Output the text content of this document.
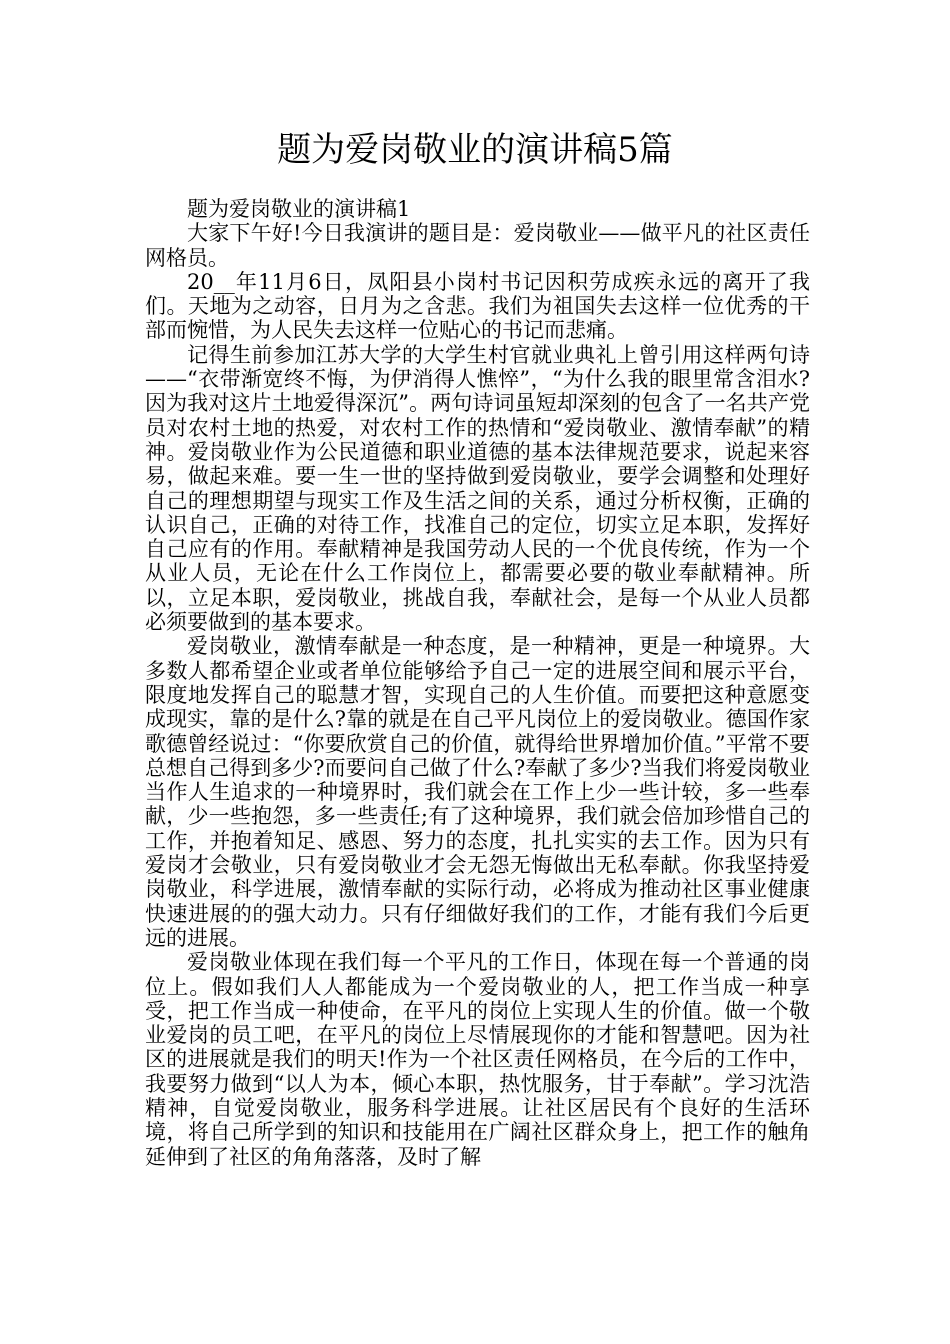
题为爱岗敬业的演讲稿5篇

题为爱岗敬业的演讲稿1

大家下午好!今日我演讲的题目是：爱岗敬业——做平凡的社区责任网格员。

20__年11月6日，凤阳县小岗村书记因积劳成疾永远的离开了我们。天地为之动容，日月为之含悲。我们为祖国失去这样一位优秀的干部而惋惜，为人民失去这样一位贴心的书记而悲痛。

记得生前参加江苏大学的大学生村官就业典礼上曾引用这样两句诗——“衣带渐宽终不悔，为伊消得人憔悴”，“为什么我的眼里常含泪水?因为我对这片土地爱得深沉”。两句诗词虽短却深刻的包含了一名共产党员对农村土地的热爱，对农村工作的热情和“爱岗敬业、激情奉献”的精神。爱岗敬业作为公民道德和职业道德的基本法律规范要求，说起来容易，做起来难。要一生一世的坚持做到爱岗敬业，要学会调整和处理好自己的理想期望与现实工作及生活之间的关系，通过分析权衡，正确的认识自己，正确的对待工作，找准自己的定位，切实立足本职，发挥好自己应有的作用。奉献精神是我国劳动人民的一个优良传统，作为一个从业人员，无论在什么工作岗位上，都需要必要的敬业奉献精神。所以，立足本职，爱岗敬业，挑战自我，奉献社会，是每一个从业人员都必须要做到的基本要求。

爱岗敬业，激情奉献是一种态度，是一种精神，更是一种境界。大多数人都希望企业或者单位能够给予自己一定的进展空间和展示平台，限度地发挥自己的聪慧才智，实现自己的人生价值。而要把这种意愿变成现实，靠的是什么?靠的就是在自己平凡岗位上的爱岗敬业。德国作家歌德曾经说过：“你要欣赏自己的价值，就得给世界增加价值。”平常不要总想自己得到多少?而要问自己做了什么?奉献了多少?当我们将爱岗敬业当作人生追求的一种境界时，我们就会在工作上少一些计较，多一些奉献，少一些抱怨，多一些责任;有了这种境界，我们就会倍加珍惜自己的工作，并抱着知足、感恩、努力的态度，扎扎实实的去工作。因为只有爱岗才会敬业，只有爱岗敬业才会无怨无悔做出无私奉献。你我坚持爱岗敬业，科学进展，激情奉献的实际行动，必将成为推动社区事业健康快速进展的的强大动力。只有仔细做好我们的工作，才能有我们今后更远的进展。

爱岗敬业体现在我们每一个平凡的工作日，体现在每一个普通的岗位上。假如我们人人都能成为一个爱岗敬业的人，把工作当成一种享受，把工作当成一种使命，在平凡的岗位上实现人生的价值。做一个敬业爱岗的员工吧，在平凡的岗位上尽情展现你的才能和智慧吧。因为社区的进展就是我们的明天!作为一个社区责任网格员，在今后的工作中，我要努力做到“以人为本，倾心本职，热忱服务，甘于奉献”。学习沈浩精神，自觉爱岗敬业，服务科学进展。让社区居民有个良好的生活环境，将自己所学到的知识和技能用在广阔社区群众身上，把工作的触角延伸到了社区的角角落落，及时了解
